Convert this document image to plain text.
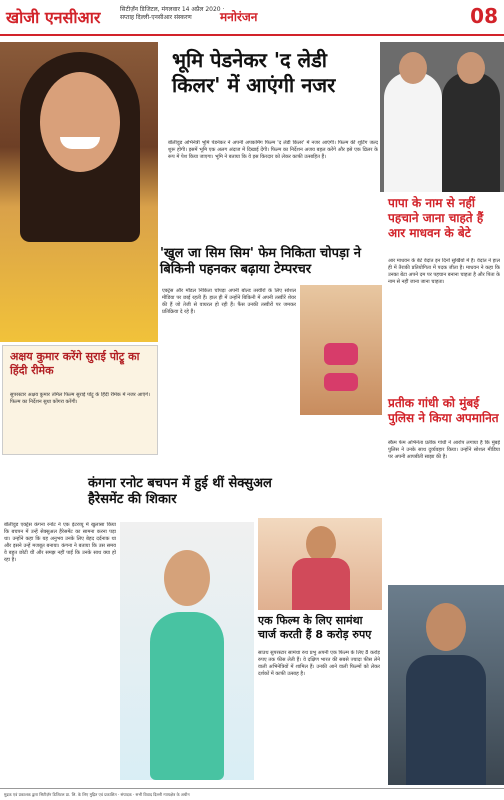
खोजी एनसीआर	सिटीज़ॅन डिजिटल, मंगलवार 14 अप्रैल 2020 · सप्ताह दिल्ली-एनसीआर संस्करण	मनोरंजन	08
भूमि पेडनेकर 'द लेडी किलर' में आएंगी नजर

बॉलीवुड अभिनेत्री भूमि पेडनेकर ने अपनी अपकमिंग फिल्म 'द लेडी किलर' में नजर आएंगी। फिल्म की शूटिंग जल्द शुरू होगी। इसमें भूमि एक अलग अंदाज में दिखाई देंगी। फिल्म का निर्देशन अजय बहल करेंगे और इसे एक थ्रिलर के रूप में पेश किया जाएगा। भूमि ने बताया कि वे इस किरदार को लेकर काफी उत्साहित हैं।

पापा के नाम से नहीं पहचाने जाना चाहते हैं आर माधवन के बेटे

आर माधवन के बेटे वेदांत इन दिनों सुर्खियों में हैं। वेदांत ने हाल ही में तैराकी प्रतियोगिता में पदक जीता है। माधवन ने कहा कि उनका बेटा अपने दम पर पहचान बनाना चाहता है और पिता के नाम से नहीं जाना जाना चाहता।

'खुल जा सिम सिम' फेम निकिता चोपड़ा ने बिकिनी पहनकर बढ़ाया टेम्परचर

एक्ट्रेस और मॉडल निकिता चोपड़ा अपनी बोल्ड तस्वीरों के लिए सोशल मीडिया पर छाई रहती हैं। हाल ही में उन्होंने बिकिनी में अपनी तस्वीरें शेयर की हैं जो तेजी से वायरल हो रही हैं। फैंस उनकी तस्वीरों पर जमकर प्रतिक्रिया दे रहे हैं।

अक्षय कुमार करेंगे सुराई पोट्रू का हिंदी रीमेक

सुपरस्टार अक्षय कुमार तमिल फिल्म सुराई पोट्रू के हिंदी रीमेक में नजर आएंगे। फिल्म का निर्देशन सुधा कोंगरा करेंगी।	प्रतीक गांधी को मुंबई पुलिस ने किया अपमानित

स्कैम फेम अभिनेता प्रतीक गांधी ने आरोप लगाया है कि मुंबई पुलिस ने उनके साथ दुर्व्यवहार किया। उन्होंने सोशल मीडिया पर अपनी आपबीती साझा की है।

कंगना रनोट बचपन में हुई थीं सेक्सुअल हैरेसमेंट की शिकार

बॉलीवुड एक्ट्रेस कंगना रनोट ने एक इंटरव्यू में खुलासा किया कि बचपन में उन्हें सेक्सुअल हैरेसमेंट का सामना करना पड़ा था। उन्होंने कहा कि यह अनुभव उनके लिए बेहद दर्दनाक था और इसने उन्हें मजबूत बनाया। कंगना ने बताया कि उस समय वे बहुत छोटी थीं और समझ नहीं पाईं कि उनके साथ क्या हो रहा है।

एक फिल्म के लिए सामंथा चार्ज करती हैं 8 करोड़ रुपए

साउथ सुपरस्टार सामंथा रुथ प्रभु अपनी एक फिल्म के लिए 8 करोड़ रुपए तक फीस लेती हैं। वे दक्षिण भारत की सबसे ज्यादा फीस लेने वाली अभिनेत्रियों में शामिल हैं। उनकी आने वाली फिल्मों को लेकर दर्शकों में काफी उत्साह है।

मुद्रक एवं प्रकाशक द्वारा सिटीज़ॅन डिजिटल प्रा. लि. के लिए मुद्रित एवं प्रकाशित · संपादक · सभी विवाद दिल्ली न्यायक्षेत्र के अधीन
